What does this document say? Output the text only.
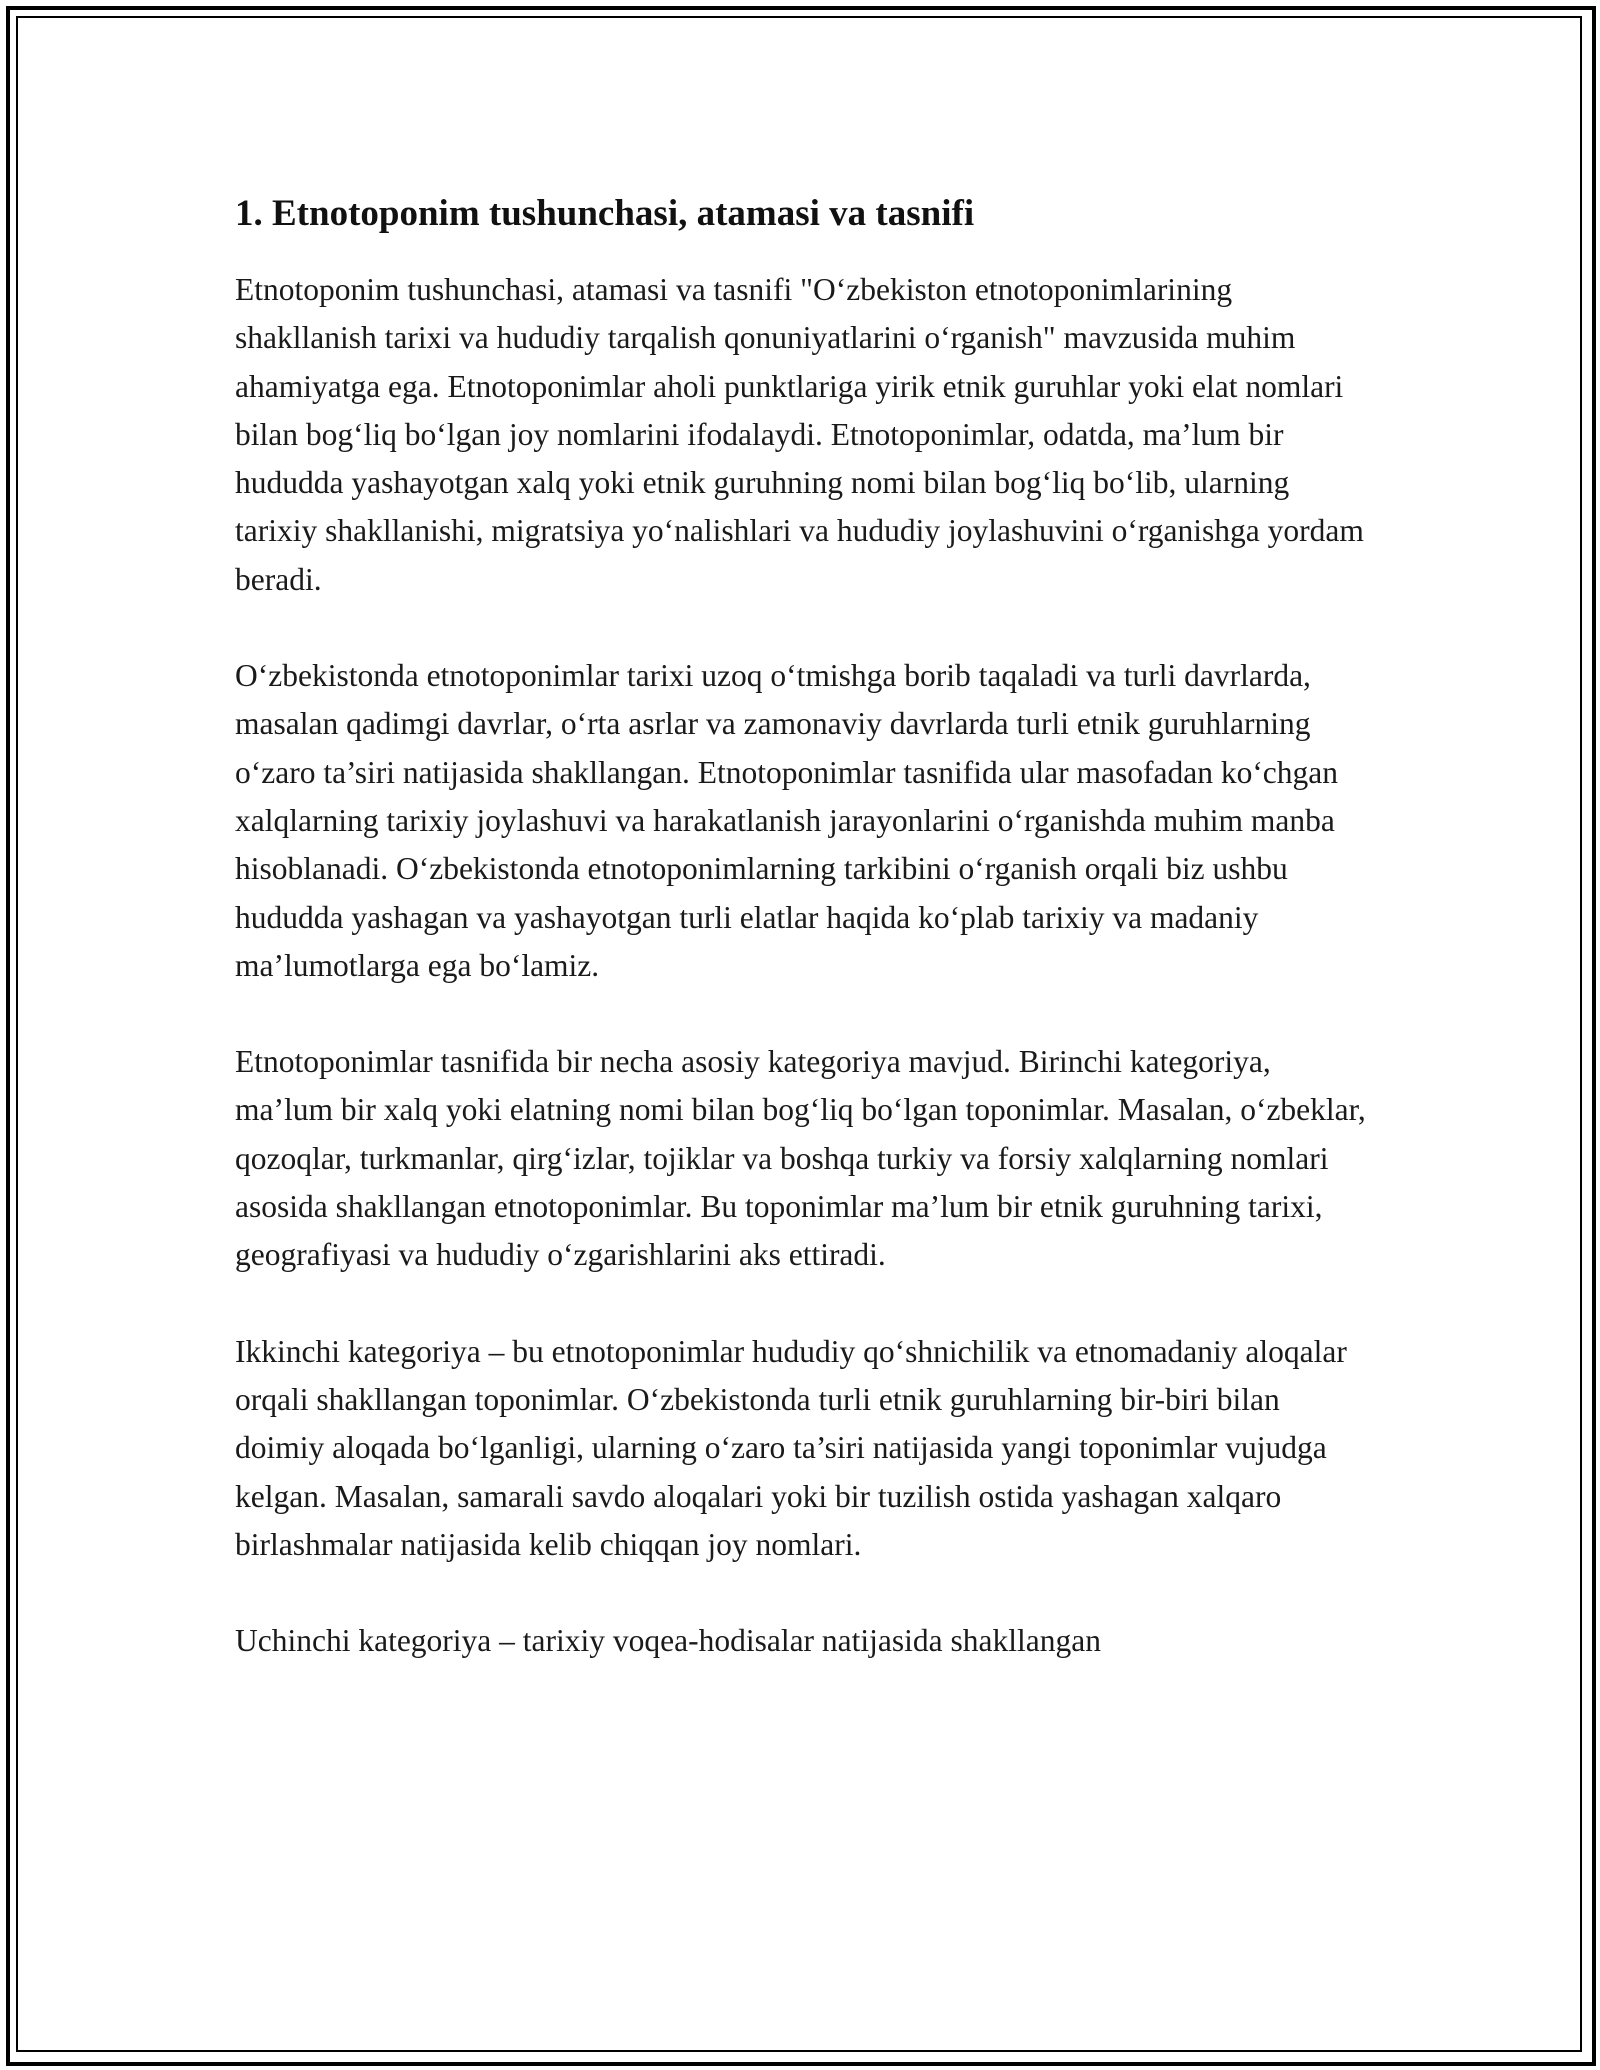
1. Etnotoponim tushunchasi, atamasi va tasnifi

Etnotoponim tushunchasi, atamasi va tasnifi "O‘zbekiston etnotoponimlarining shakllanish tarixi va hududiy tarqalish qonuniyatlarini o‘rganish" mavzusida muhim ahamiyatga ega. Etnotoponimlar aholi punktlariga yirik etnik guruhlar yoki elat nomlari bilan bog‘liq bo‘lgan joy nomlarini ifodalaydi. Etnotoponimlar, odatda, ma’lum bir hududda yashayotgan xalq yoki etnik guruhning nomi bilan bog‘liq bo‘lib, ularning tarixiy shakllanishi, migratsiya yo‘nalishlari va hududiy joylashuvini o‘rganishga yordam beradi.

O‘zbekistonda etnotoponimlar tarixi uzoq o‘tmishga borib taqaladi va turli davrlarda, masalan qadimgi davrlar, o‘rta asrlar va zamonaviy davrlarda turli etnik guruhlarning o‘zaro ta’siri natijasida shakllangan. Etnotoponimlar tasnifida ular masofadan ko‘chgan xalqlarning tarixiy joylashuvi va harakatlanish jarayonlarini o‘rganishda muhim manba hisoblanadi. O‘zbekistonda etnotoponimlarning tarkibini o‘rganish orqali biz ushbu hududda yashagan va yashayotgan turli elatlar haqida ko‘plab tarixiy va madaniy ma’lumotlarga ega bo‘lamiz.

Etnotoponimlar tasnifida bir necha asosiy kategoriya mavjud. Birinchi kategoriya, ma’lum bir xalq yoki elatning nomi bilan bog‘liq bo‘lgan toponimlar. Masalan, o‘zbeklar, qozoqlar, turkmanlar, qirg‘izlar, tojiklar va boshqa turkiy va forsiy xalqlarning nomlari asosida shakllangan etnotoponimlar. Bu toponimlar ma’lum bir etnik guruhning tarixi, geografiyasi va hududiy o‘zgarishlarini aks ettiradi.

Ikkinchi kategoriya – bu etnotoponimlar hududiy qo‘shnichilik va etnomadaniy aloqalar orqali shakllangan toponimlar. O‘zbekistonda turli etnik guruhlarning bir-biri bilan doimiy aloqada bo‘lganligi, ularning o‘zaro ta’siri natijasida yangi toponimlar vujudga kelgan. Masalan, samarali savdo aloqalari yoki bir tuzilish ostida yashagan xalqaro birlashmalar natijasida kelib chiqqan joy nomlari.

Uchinchi kategoriya – tarixiy voqea-hodisalar natijasida shakllangan
